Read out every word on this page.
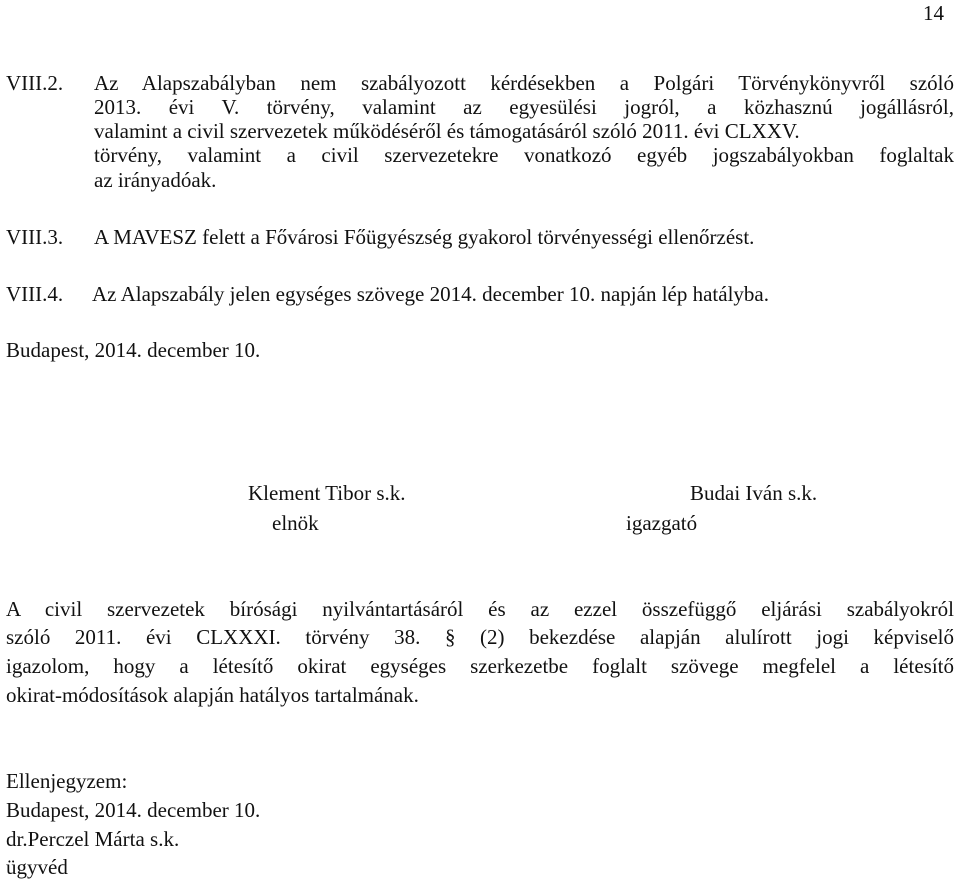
14
VIII.2. Az Alapszabályban nem szabályozott kérdésekben a Polgári Törvénykönyvről szóló
2013. évi V. törvény, valamint az egyesülési jogról, a közhasznú jogállásról,
valamint a civil szervezetek működéséről és támogatásáról szóló 2011. évi CLXXV.
törvény, valamint a civil szervezetekre vonatkozó egyéb jogszabályokban foglaltak
az irányadóak.
VIII.3. A MAVESZ felett a Fővárosi Főügyészség gyakorol törvényességi ellenőrzést.
VIII.4. Az Alapszabály jelen egységes szövege 2014. december 10. napján lép hatályba.
Budapest, 2014. december 10.
Klement Tibor s.k.
elnök
Budai Iván s.k.
igazgató
A civil szervezetek bírósági nyilvántartásáról és az ezzel összefüggő eljárási szabályokról
szóló 2011. évi CLXXXI. törvény 38. § (2) bekezdése alapján alulírott jogi képviselő
igazolom, hogy a létesítő okirat egységes szerkezetbe foglalt szövege megfelel a létesítő
okirat-módosítások alapján hatályos tartalmának.
Ellenjegyzem:
Budapest, 2014. december 10.
dr.Perczel Márta s.k.
ügyvéd
